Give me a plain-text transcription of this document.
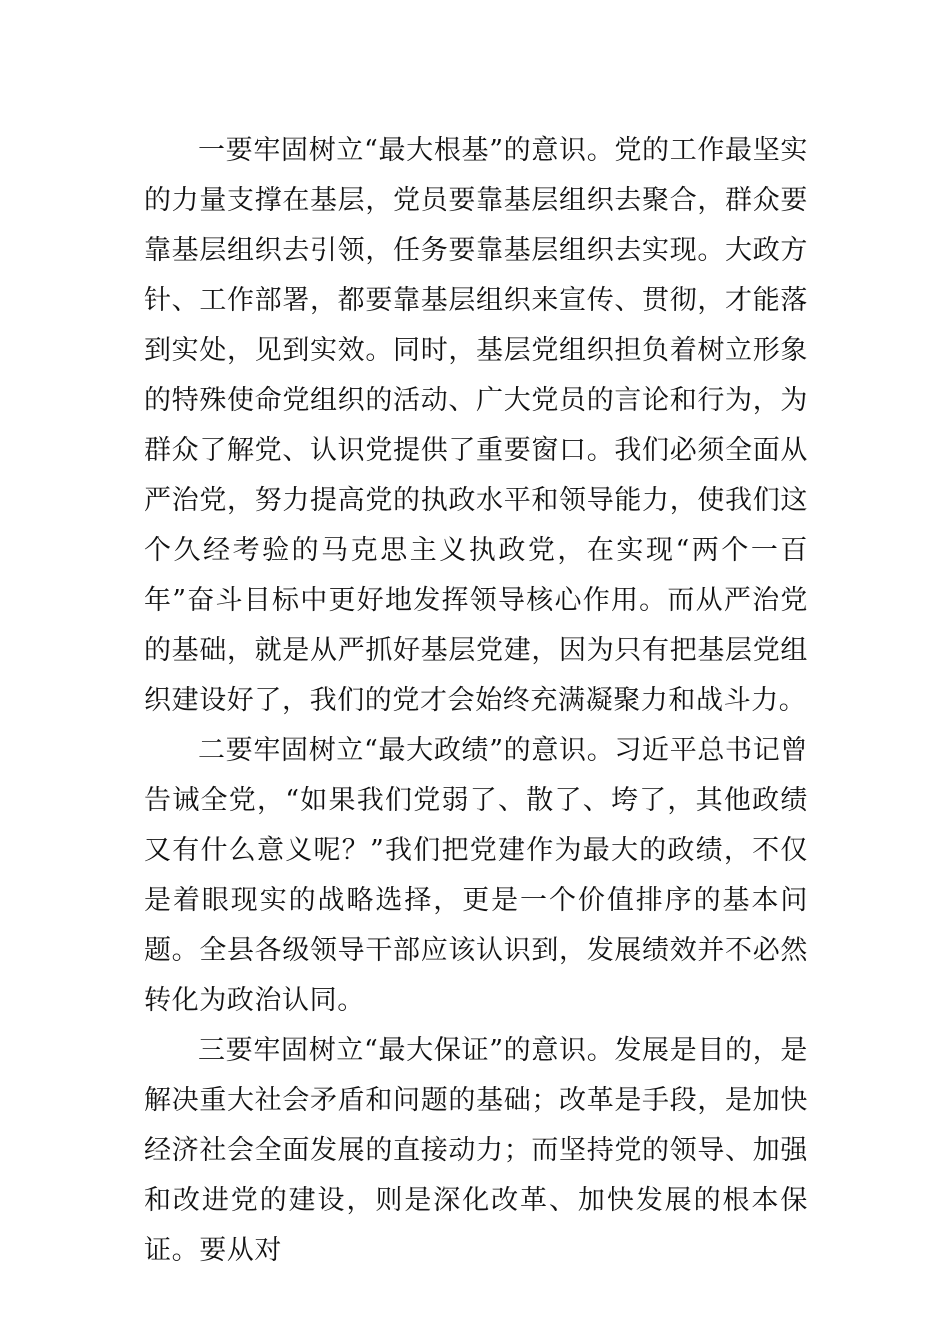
一要牢固树立“最大根基”的意识。党的工作最坚实的力量支撑在基层，党员要靠基层组织去聚合，群众要靠基层组织去引领，任务要靠基层组织去实现。大政方针、工作部署，都要靠基层组织来宣传、贯彻，才能落到实处，见到实效。同时，基层党组织担负着树立形象的特殊使命党组织的活动、广大党员的言论和行为，为群众了解党、认识党提供了重要窗口。我们必须全面从严治党，努力提高党的执政水平和领导能力，使我们这个久经考验的马克思主义执政党，在实现“两个一百年”奋斗目标中更好地发挥领导核心作用。而从严治党的基础，就是从严抓好基层党建，因为只有把基层党组织建设好了，我们的党才会始终充满凝聚力和战斗力。

二要牢固树立“最大政绩”的意识。习近平总书记曾告诫全党，“如果我们党弱了、散了、垮了，其他政绩又有什么意义呢？”我们把党建作为最大的政绩，不仅是着眼现实的战略选择，更是一个价值排序的基本问题。全县各级领导干部应该认识到，发展绩效并不必然转化为政治认同。

三要牢固树立“最大保证”的意识。发展是目的，是解决重大社会矛盾和问题的基础；改革是手段，是加快经济社会全面发展的直接动力；而坚持党的领导、加强和改进党的建设，则是深化改革、加快发展的根本保证。要从对
